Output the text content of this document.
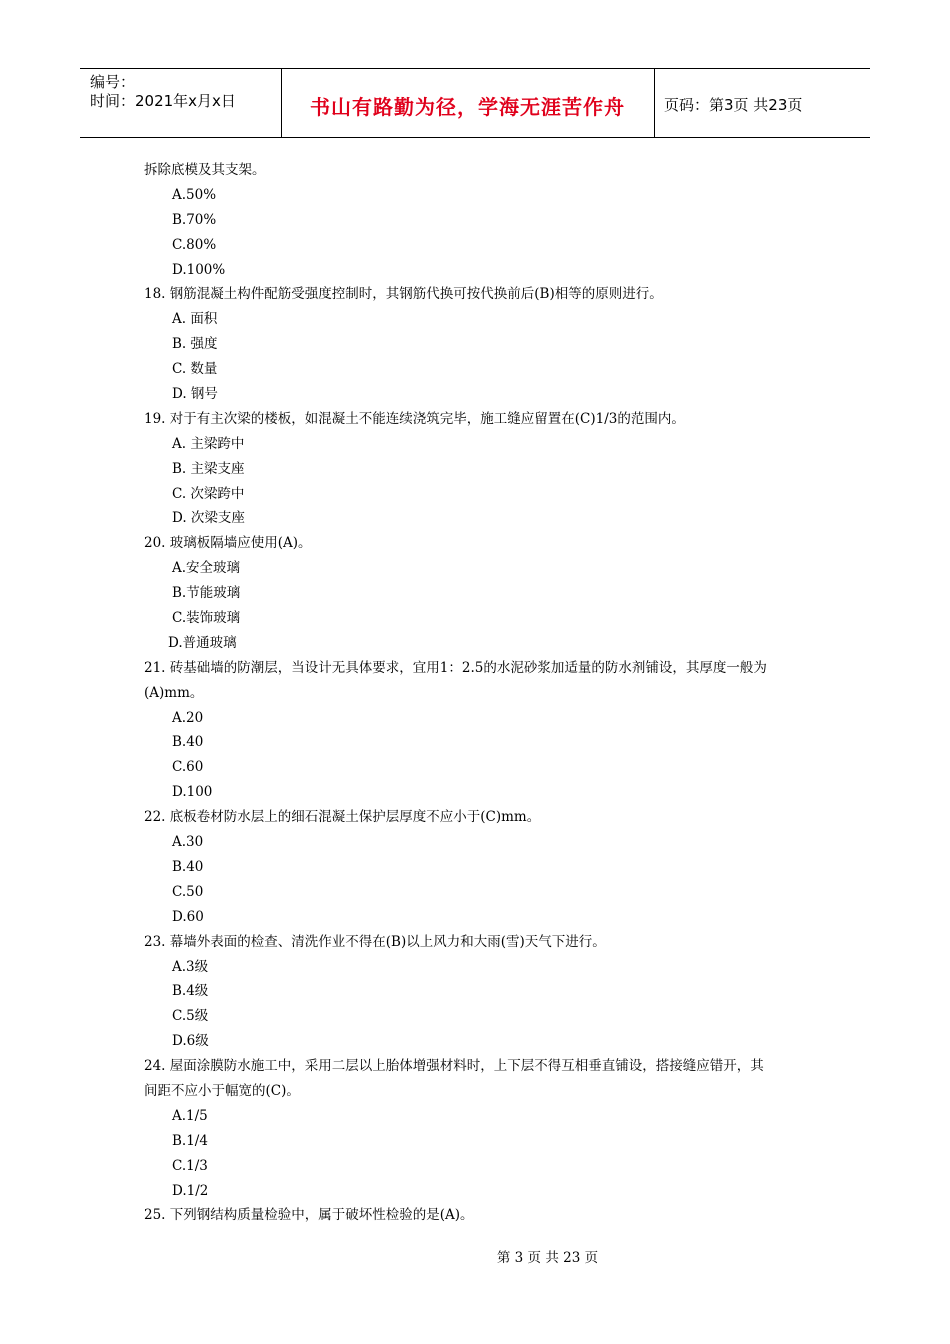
编号：
时间：2021年x月x日	书山有路勤为径，学海无涯苦作舟	页码：第3页 共23页
拆除底模及其支架。
A.50%
B.70%
C.80%
D.100%
18. 钢筋混凝土构件配筋受强度控制时，其钢筋代换可按代换前后(B)相等的原则进行。
A. 面积
B. 强度
C. 数量
D. 钢号
19. 对于有主次梁的楼板，如混凝土不能连续浇筑完毕，施工缝应留置在(C)1/3的范围内。
A. 主梁跨中
B. 主梁支座
C. 次梁跨中
D. 次梁支座
20. 玻璃板隔墙应使用(A)。
A.安全玻璃
B.节能玻璃
C.装饰玻璃
D.普通玻璃
21. 砖基础墙的防潮层，当设计无具体要求，宜用1：2.5的水泥砂浆加适量的防水剂铺设，其厚度一般为
(A)mm。
A.20
B.40
C.60
D.100
22. 底板卷材防水层上的细石混凝土保护层厚度不应小于(C)mm。
A.30
B.40
C.50
D.60
23. 幕墙外表面的检查、清洗作业不得在(B)以上风力和大雨(雪)天气下进行。
A.3级
B.4级
C.5级
D.6级
24. 屋面涂膜防水施工中，采用二层以上胎体增强材料时，上下层不得互相垂直铺设，搭接缝应错开，其
间距不应小于幅宽的(C)。
A.1/5
B.1/4
C.1/3
D.1/2
25. 下列钢结构质量检验中，属于破坏性检验的是(A)。
第 3 页 共 23 页
